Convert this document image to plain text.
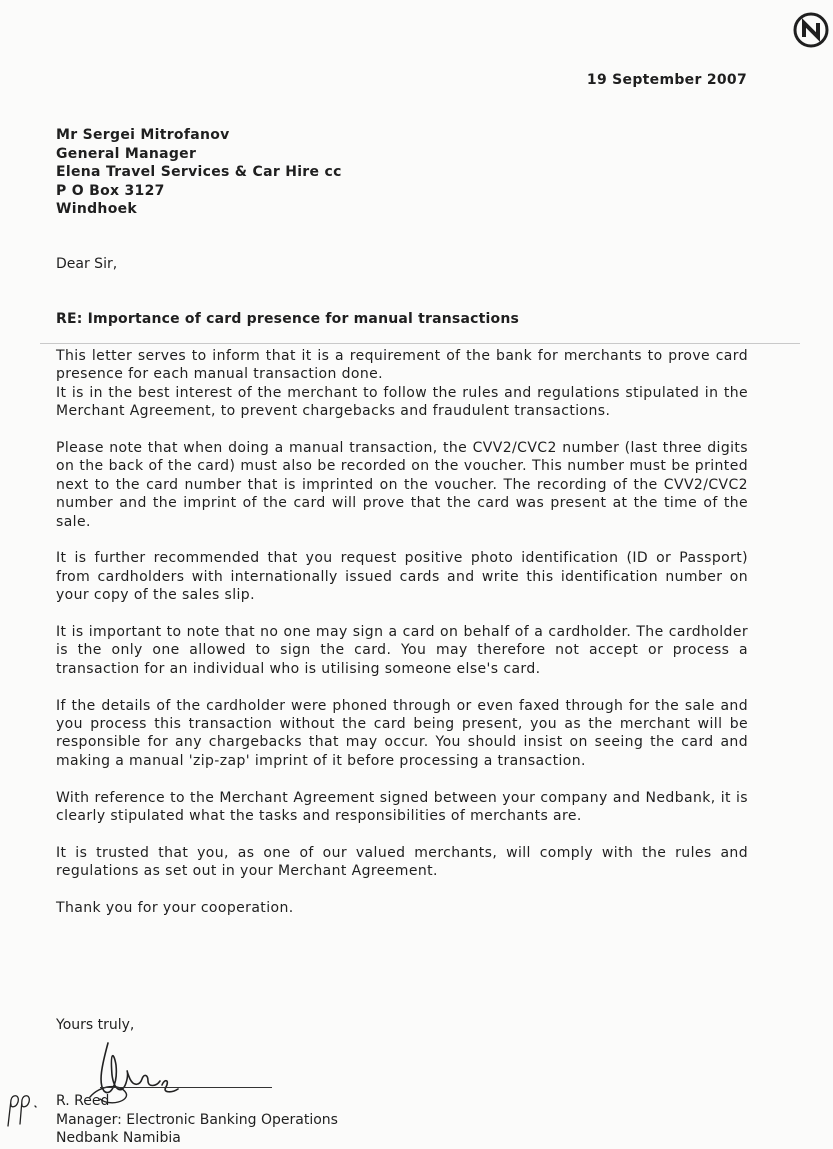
19 September 2007
Mr Sergei Mitrofanov
General Manager
Elena Travel Services & Car Hire cc
P O Box 3127
Windhoek
Dear Sir,
RE: Importance of card presence for manual transactions

This letter serves to inform that it is a requirement of the bank for merchants to prove card presence for each manual transaction done.

It is in the best interest of the merchant to follow the rules and regulations stipulated in the Merchant Agreement, to prevent chargebacks and fraudulent transactions.

Please note that when doing a manual transaction, the CVV2/CVC2 number (last three digits on the back of the card) must also be recorded on the voucher. This number must be printed next to the card number that is imprinted on the voucher. The recording of the CVV2/CVC2 number and the imprint of the card will prove that the card was present at the time of the sale.

It is further recommended that you request positive photo identification (ID or Passport) from cardholders with internationally issued cards and write this identification number on your copy of the sales slip.

It is important to note that no one may sign a card on behalf of a cardholder. The cardholder is the only one allowed to sign the card. You may therefore not accept or process a transaction for an individual who is utilising someone else's card.

If the details of the cardholder were phoned through or even faxed through for the sale and you process this transaction without the card being present, you as the merchant will be responsible for any chargebacks that may occur. You should insist on seeing the card and making a manual 'zip-zap' imprint of it before processing a transaction.

With reference to the Merchant Agreement signed between your company and Nedbank, it is clearly stipulated what the tasks and responsibilities of merchants are.

It is trusted that you, as one of our valued merchants, will comply with the rules and regulations as set out in your Merchant Agreement.

Thank you for your cooperation.

Yours truly,
R. Reed
Manager: Electronic Banking Operations
Nedbank Namibia
